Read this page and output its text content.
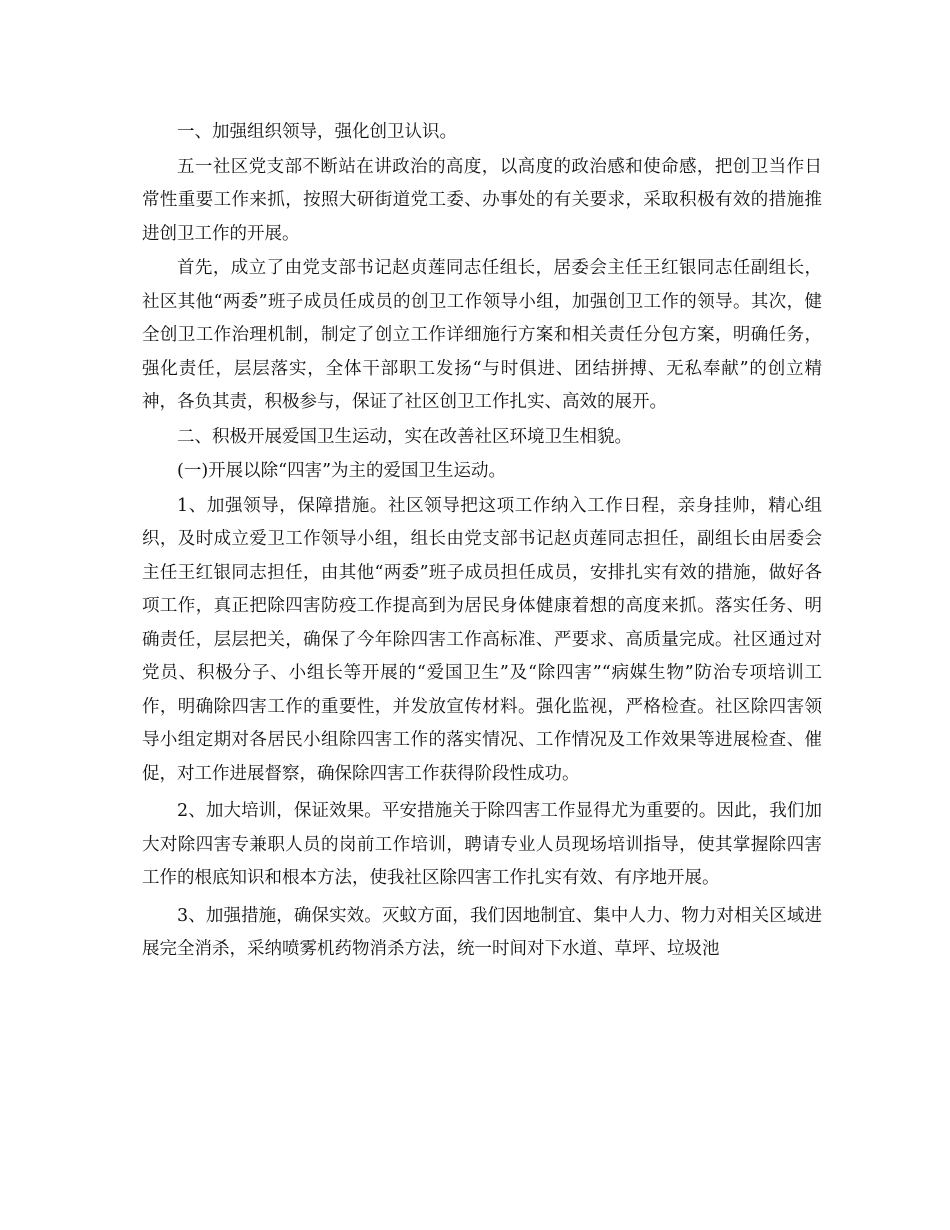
一、加强组织领导，强化创卫认识。

五一社区党支部不断站在讲政治的高度，以高度的政治感和使命感，把创卫当作日常性重要工作来抓，按照大研街道党工委、办事处的有关要求，采取积极有效的措施推进创卫工作的开展。

首先，成立了由党支部书记赵贞莲同志任组长，居委会主任王红银同志任副组长，社区其他“两委”班子成员任成员的创卫工作领导小组，加强创卫工作的领导。其次，健全创卫工作治理机制，制定了创立工作详细施行方案和相关责任分包方案，明确任务，强化责任，层层落实，全体干部职工发扬“与时俱进、团结拼搏、无私奉献”的创立精神，各负其责，积极参与，保证了社区创卫工作扎实、高效的展开。

二、积极开展爱国卫生运动，实在改善社区环境卫生相貌。

(一)开展以除“四害”为主的爱国卫生运动。

1、加强领导，保障措施。社区领导把这项工作纳入工作日程，亲身挂帅，精心组织，及时成立爱卫工作领导小组，组长由党支部书记赵贞莲同志担任，副组长由居委会主任王红银同志担任，由其他“两委”班子成员担任成员，安排扎实有效的措施，做好各项工作，真正把除四害防疫工作提高到为居民身体健康着想的高度来抓。落实任务、明确责任，层层把关，确保了今年除四害工作高标准、严要求、高质量完成。社区通过对党员、积极分子、小组长等开展的“爱国卫生”及“除四害”“病媒生物”防治专项培训工作，明确除四害工作的重要性，并发放宣传材料。强化监视，严格检查。社区除四害领导小组定期对各居民小组除四害工作的落实情况、工作情况及工作效果等进展检查、催促，对工作进展督察，确保除四害工作获得阶段性成功。

2、加大培训，保证效果。平安措施关于除四害工作显得尤为重要的。因此，我们加大对除四害专兼职人员的岗前工作培训，聘请专业人员现场培训指导，使其掌握除四害工作的根底知识和根本方法，使我社区除四害工作扎实有效、有序地开展。

3、加强措施，确保实效。灭蚊方面，我们因地制宜、集中人力、物力对相关区域进展完全消杀，采纳喷雾机药物消杀方法，统一时间对下水道、草坪、垃圾池
